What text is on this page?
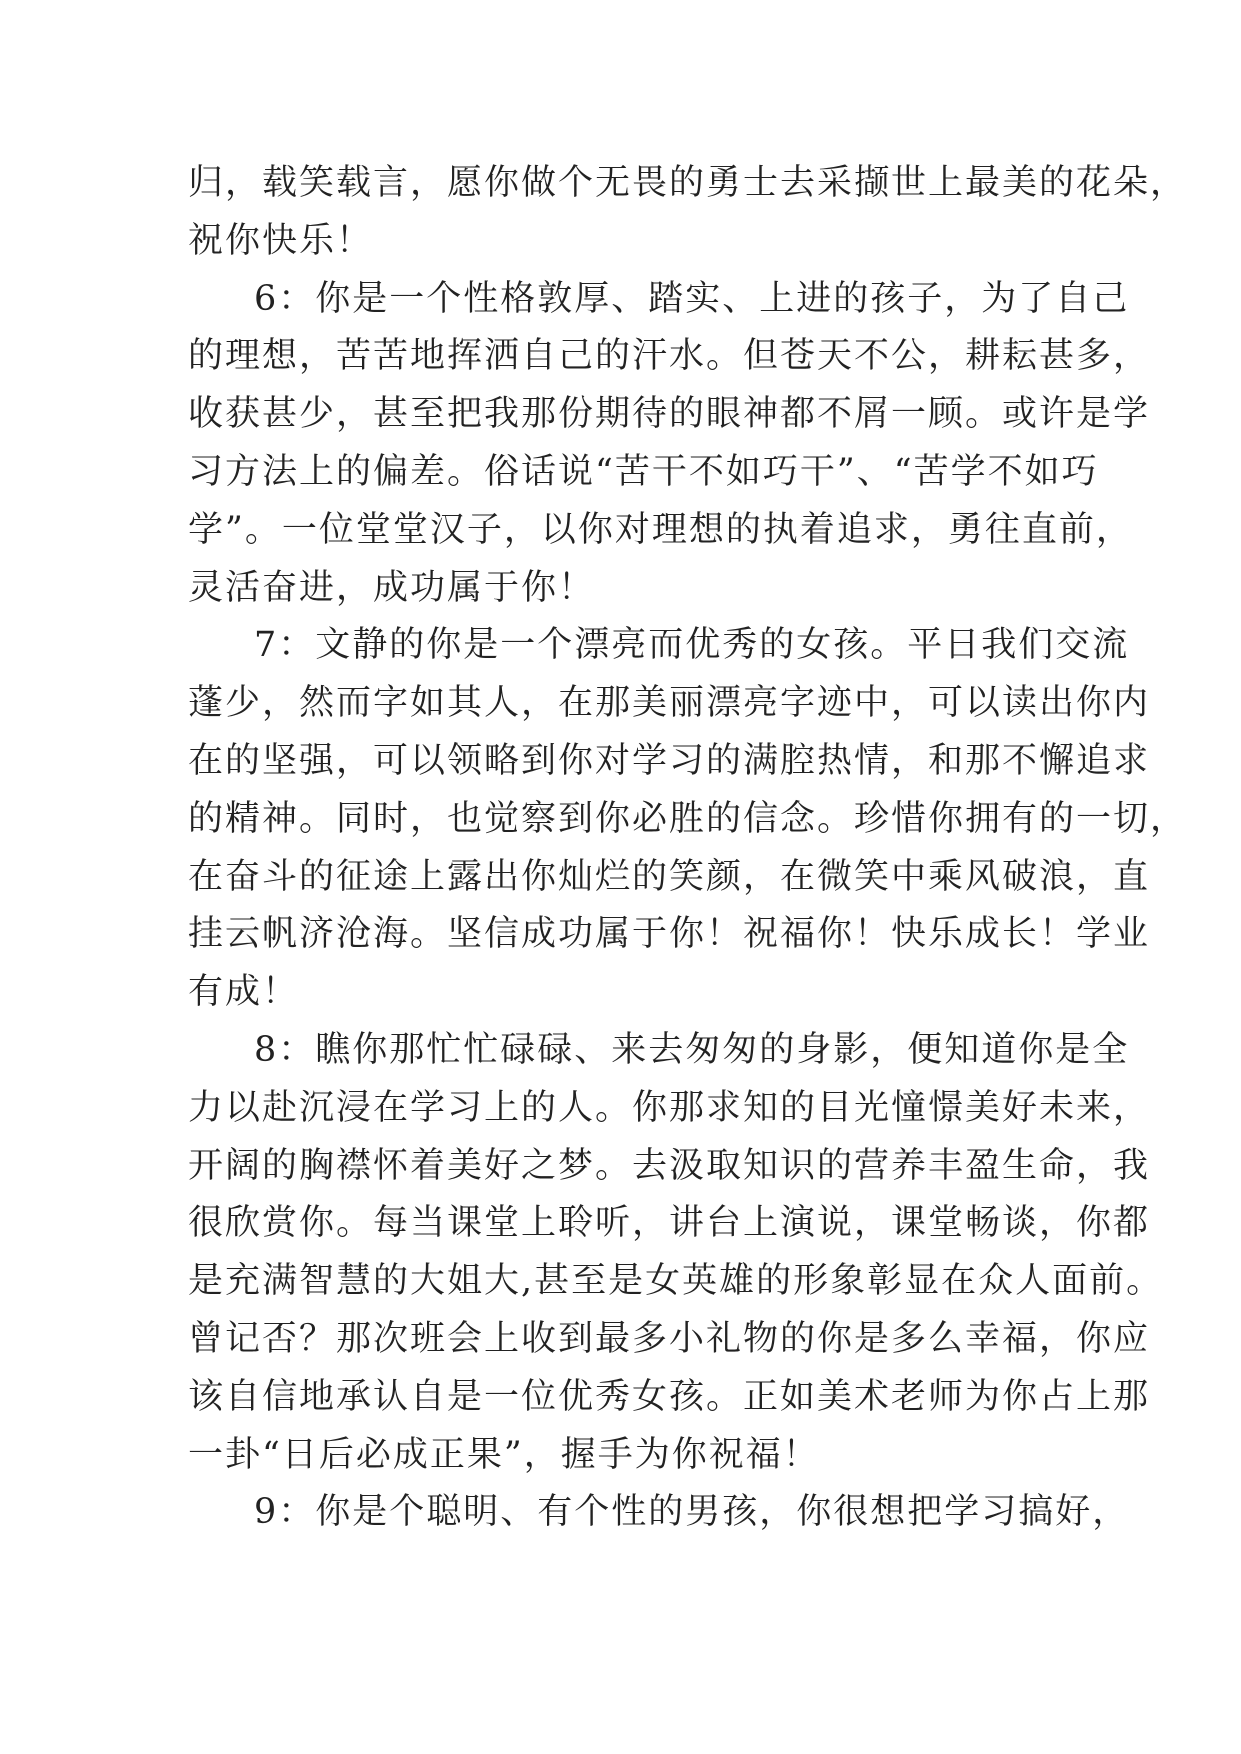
归，载笑载言，愿你做个无畏的勇士去采撷世上最美的花朵，
祝你快乐！
6：你是一个性格敦厚、踏实、上进的孩子，为了自己
的理想，苦苦地挥洒自己的汗水。但苍天不公，耕耘甚多，
收获甚少，甚至把我那份期待的眼神都不屑一顾。或许是学
习方法上的偏差。俗话说“苦干不如巧干”、“苦学不如巧
学”。一位堂堂汉子，以你对理想的执着追求，勇往直前，
灵活奋进，成功属于你！
7：文静的你是一个漂亮而优秀的女孩。平日我们交流
蓬少，然而字如其人，在那美丽漂亮字迹中，可以读出你内
在的坚强，可以领略到你对学习的满腔热情，和那不懈追求
的精神。同时，也觉察到你必胜的信念。珍惜你拥有的一切，
在奋斗的征途上露出你灿烂的笑颜，在微笑中乘风破浪，直
挂云帆济沧海。坚信成功属于你！祝福你！快乐成长！学业
有成！
8：瞧你那忙忙碌碌、来去匆匆的身影，便知道你是全
力以赴沉浸在学习上的人。你那求知的目光憧憬美好未来，
开阔的胸襟怀着美好之梦。去汲取知识的营养丰盈生命，我
很欣赏你。每当课堂上聆听，讲台上演说，课堂畅谈，你都
是充满智慧的大姐大,甚至是女英雄的形象彰显在众人面前。
曾记否？那次班会上收到最多小礼物的你是多么幸福，你应
该自信地承认自是一位优秀女孩。正如美术老师为你占上那
一卦“日后必成正果”，握手为你祝福！
9：你是个聪明、有个性的男孩，你很想把学习搞好，
